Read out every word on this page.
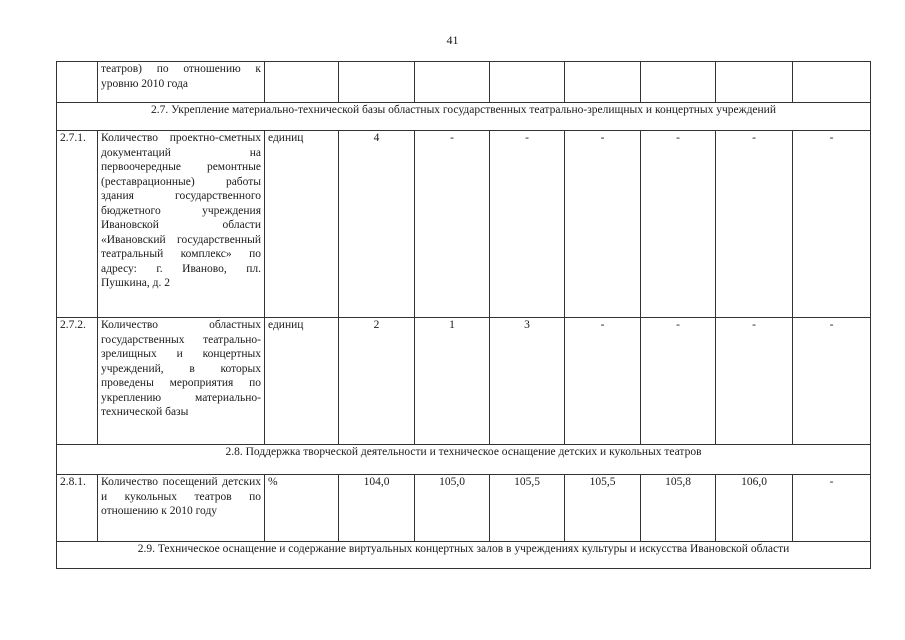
41
	театров) по отношению к уровню 2010 года								
2.7. Укрепление материально-технической базы областных государственных театрально-зрелищных и концертных учреждений									
2.7.1.	Количество проектно-сметных документаций на первоочередные ремонтные (реставрационные) работы здания государственного бюджетного учреждения Ивановской области «Ивановский государственный театральный комплекс» по адресу: г. Иваново, пл. Пушкина, д. 2	единиц	4	-	-	-	-	-	-
2.7.2.	Количество областных государственных театрально-зрелищных и концертных учреждений, в которых проведены мероприятия по укреплению материально-технической базы	единиц	2	1	3	-	-	-	-
2.8. Поддержка творческой деятельности и техническое оснащение детских и кукольных театров									
2.8.1.	Количество посещений детских и кукольных театров по отношению к 2010 году	%	104,0	105,0	105,5	105,5	105,8	106,0	-
2.9. Техническое оснащение и содержание виртуальных концертных залов в учреждениях культуры и искусства Ивановской области									
